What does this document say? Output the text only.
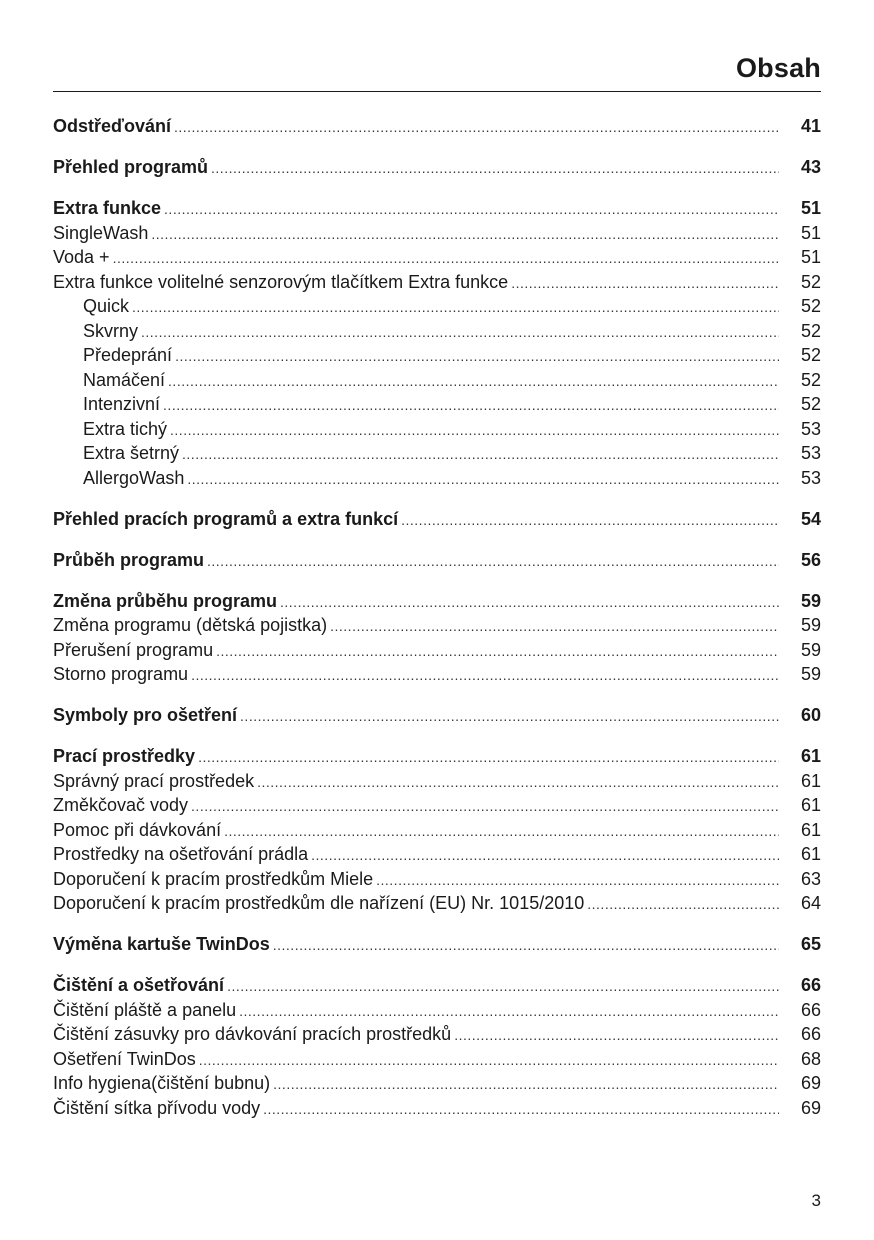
Obsah
Odstřeďování .....	41
Přehled programů .....	43
Extra funkce .....	51
SingleWash .....	51
Voda + .....	51
Extra funkce volitelné senzorovým tlačítkem Extra funkce .....	52
Quick .....	52
Skvrny .....	52
Předeprání .....	52
Namáčení .....	52
Intenzivní .....	52
Extra tichý .....	53
Extra šetrný .....	53
AllergoWash .....	53
Přehled pracích programů a extra funkcí .....	54
Průběh programu .....	56
Změna průběhu programu .....	59
Změna programu (dětská pojistka) .....	59
Přerušení programu .....	59
Storno programu .....	59
Symboly pro ošetření .....	60
Prací prostředky .....	61
Správný prací prostředek .....	61
Změkčovač vody .....	61
Pomoc při dávkování .....	61
Prostředky na ošetřování prádla .....	61
Doporučení k pracím prostředkům Miele .....	63
Doporučení k pracím prostředkům dle nařízení (EU) Nr. 1015/2010 .....	64
Výměna kartuše TwinDos .....	65
Čištění a ošetřování .....	66
Čištění pláště a panelu .....	66
Čištění zásuvky pro dávkování pracích prostředků .....	66
Ošetření TwinDos .....	68
Info hygiena(čištění bubnu) .....	69
Čištění sítka přívodu vody .....	69
3
